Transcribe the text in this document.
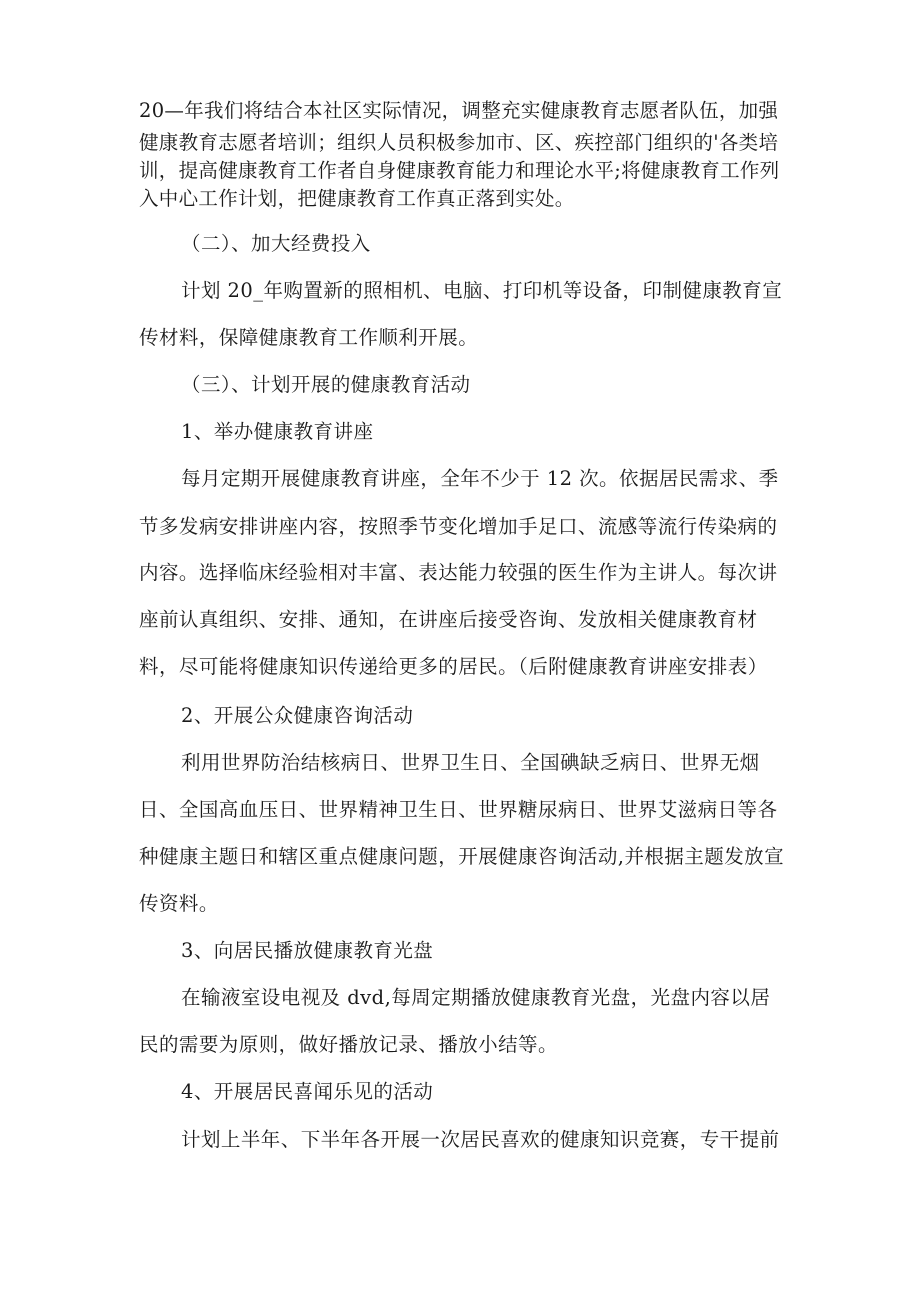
20—年我们将结合本社区实际情况，调整充实健康教育志愿者队伍，加强
健康教育志愿者培训；组织人员积极参加市、区、疾控部门组织的'各类培
训，提高健康教育工作者自身健康教育能力和理论水平;将健康教育工作列
入中心工作计划，把健康教育工作真正落到实处。
（二）、加大经费投入
计划 20_年购置新的照相机、电脑、打印机等设备，印制健康教育宣
传材料，保障健康教育工作顺利开展。
（三）、计划开展的健康教育活动
1、举办健康教育讲座
每月定期开展健康教育讲座，全年不少于 12 次。依据居民需求、季
节多发病安排讲座内容，按照季节变化增加手足口、流感等流行传染病的
内容。选择临床经验相对丰富、表达能力较强的医生作为主讲人。每次讲
座前认真组织、安排、通知，在讲座后接受咨询、发放相关健康教育材
料，尽可能将健康知识传递给更多的居民。（后附健康教育讲座安排表）
2、开展公众健康咨询活动
利用世界防治结核病日、世界卫生日、全国碘缺乏病日、世界无烟
日、全国高血压日、世界精神卫生日、世界糖尿病日、世界艾滋病日等各
种健康主题日和辖区重点健康问题，开展健康咨询活动,并根据主题发放宣
传资料。
3、向居民播放健康教育光盘
在输液室设电视及 dvd,每周定期播放健康教育光盘，光盘内容以居
民的需要为原则，做好播放记录、播放小结等。
4、开展居民喜闻乐见的活动
计划上半年、下半年各开展一次居民喜欢的健康知识竞赛，专干提前
